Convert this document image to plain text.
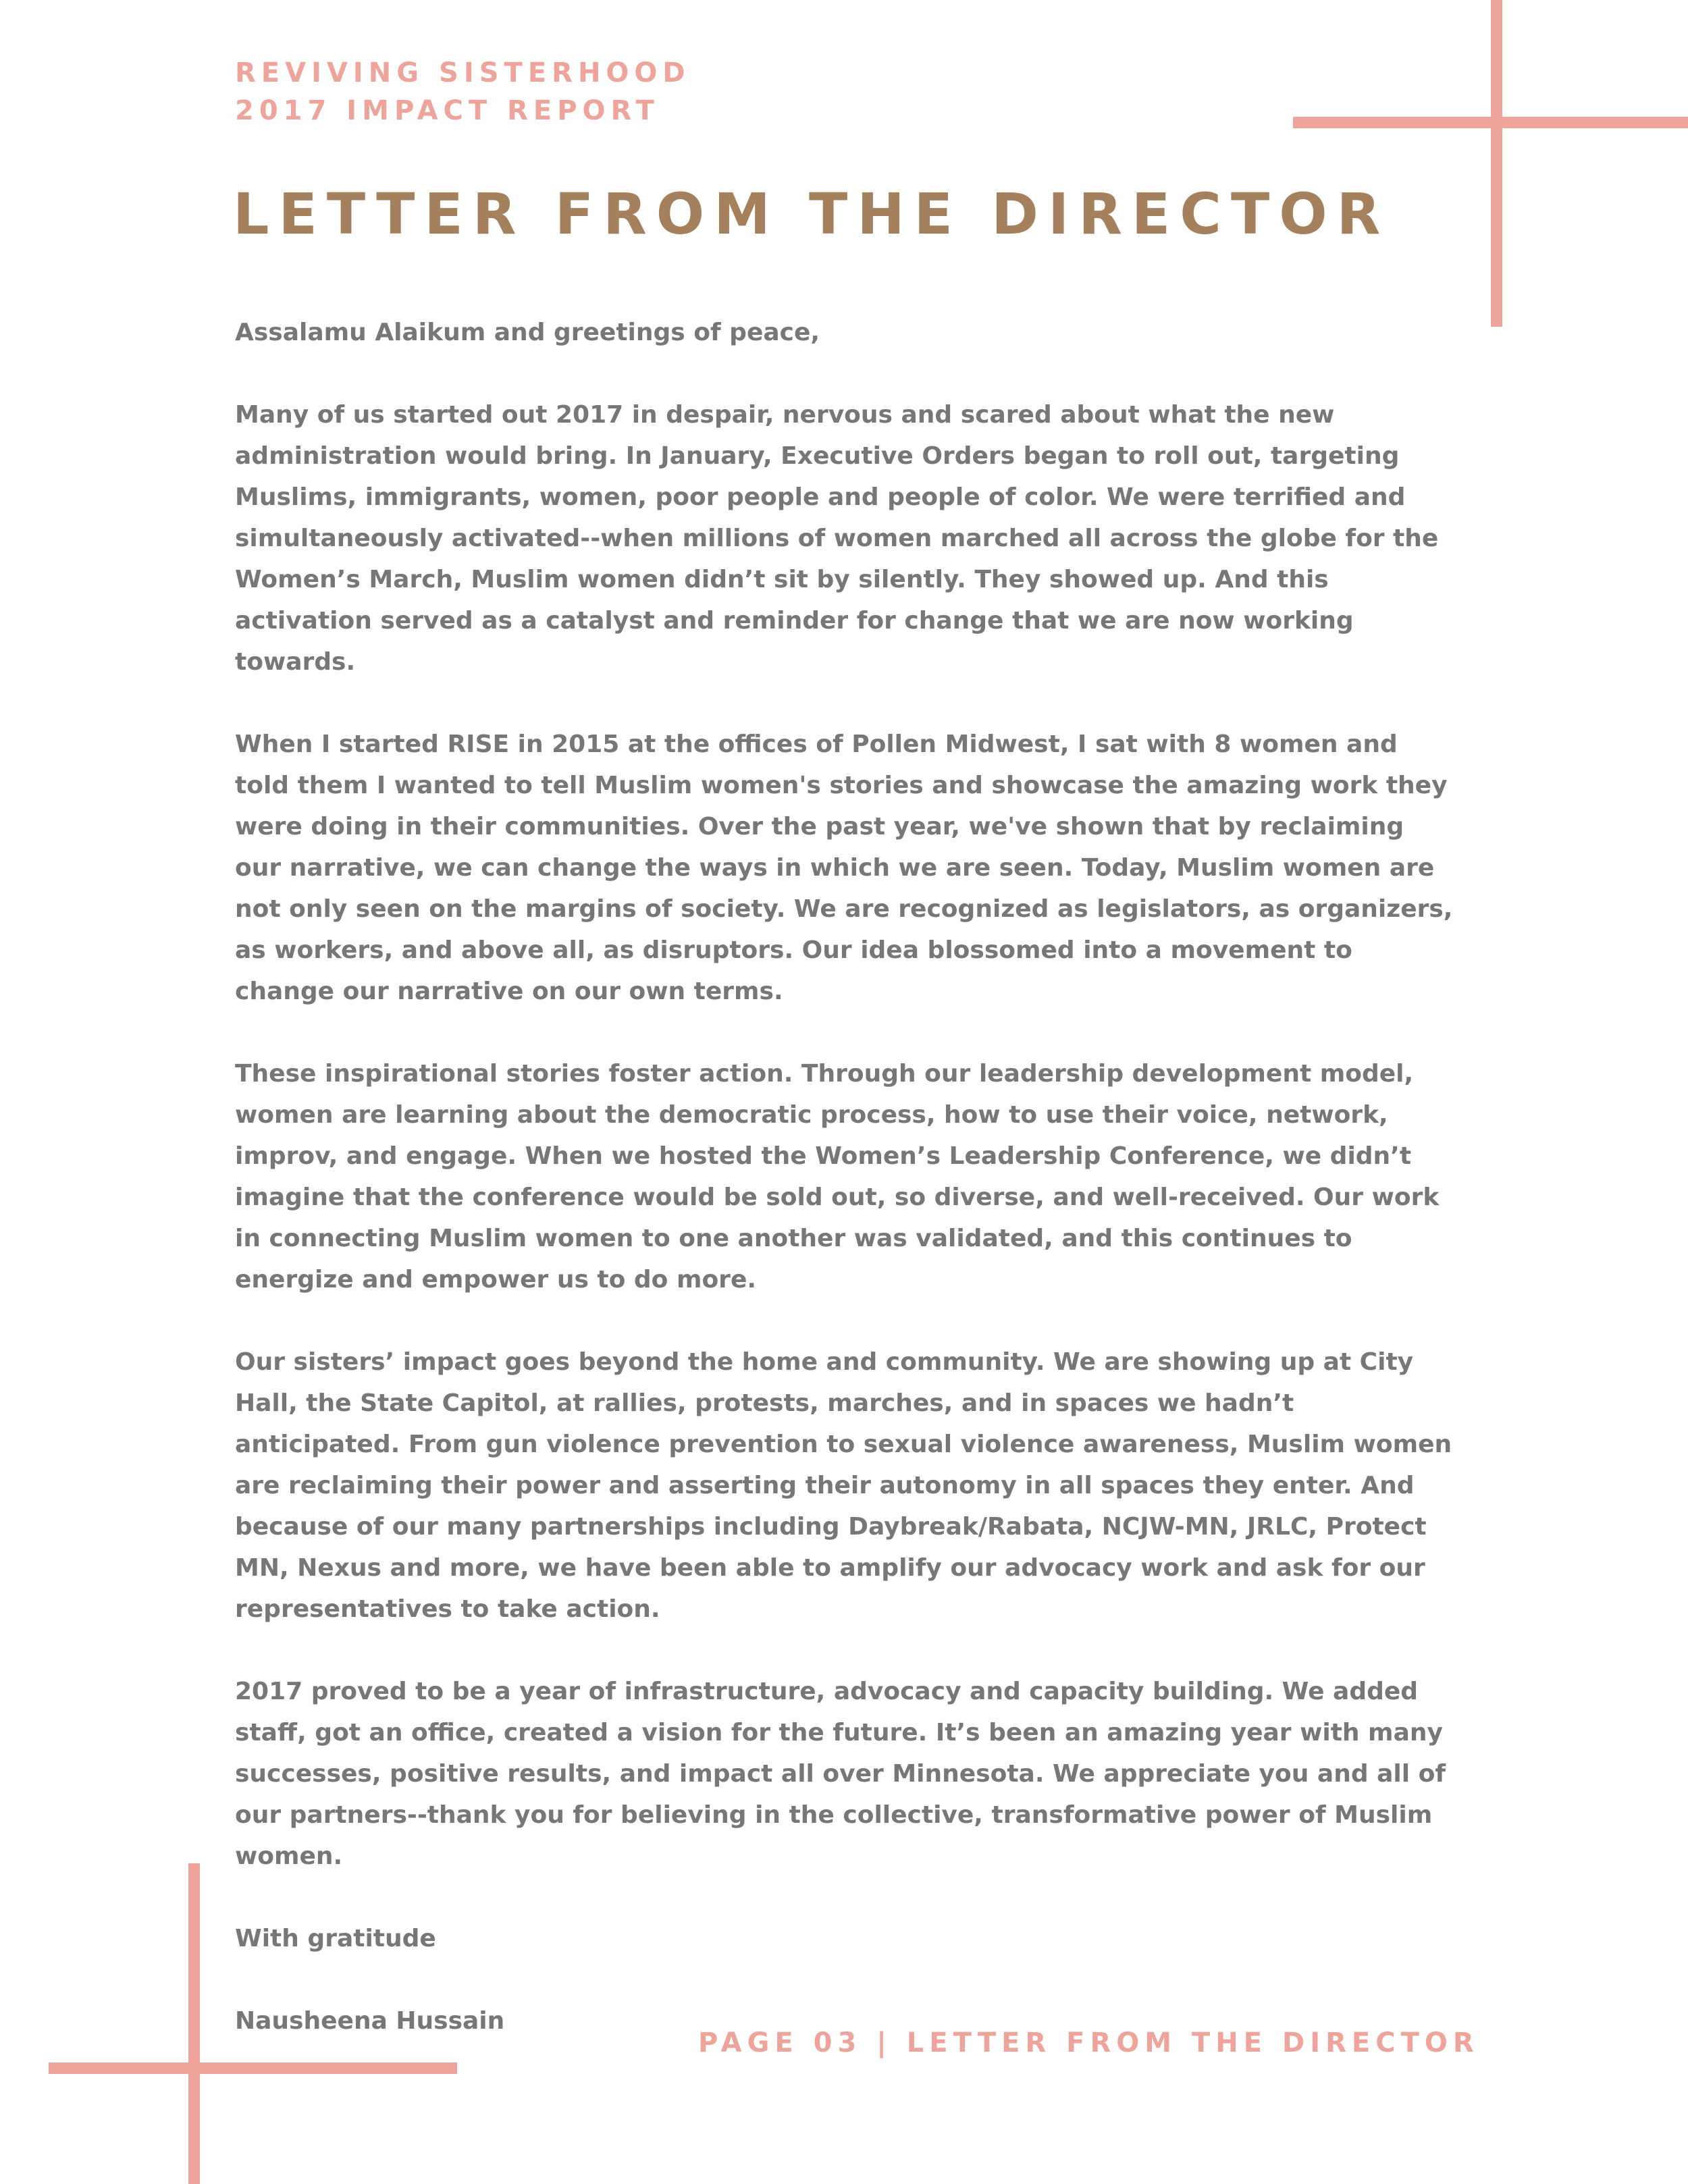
REVIVING SISTERHOOD
2017 IMPACT REPORT
LETTER FROM THE DIRECTOR

Assalamu Alaikum and greetings of peace,

Many of us started out 2017 in despair, nervous and scared about what the new administration would bring. In January, Executive Orders began to roll out, targeting Muslims, immigrants, women, poor people and people of color. We were terrified and simultaneously activated--when millions of women marched all across the globe for the Women’s March, Muslim women didn’t sit by silently. They showed up. And this activation served as a catalyst and reminder for change that we are now working towards.

When I started RISE in 2015 at the offices of Pollen Midwest, I sat with 8 women and told them I wanted to tell Muslim women's stories and showcase the amazing work they were doing in their communities. Over the past year, we've shown that by reclaiming our narrative, we can change the ways in which we are seen. Today, Muslim women are not only seen on the margins of society. We are recognized as legislators, as organizers, as workers, and above all, as disruptors. Our idea blossomed into a movement to change our narrative on our own terms.

These inspirational stories foster action. Through our leadership development model, women are learning about the democratic process, how to use their voice, network, improv, and engage. When we hosted the Women’s Leadership Conference, we didn’t imagine that the conference would be sold out, so diverse, and well-received. Our work in connecting Muslim women to one another was validated, and this continues to energize and empower us to do more.

Our sisters’ impact goes beyond the home and community. We are showing up at City Hall, the State Capitol, at rallies, protests, marches, and in spaces we hadn’t anticipated. From gun violence prevention to sexual violence awareness, Muslim women are reclaiming their power and asserting their autonomy in all spaces they enter. And because of our many partnerships including Daybreak/Rabata, NCJW-MN, JRLC, Protect MN, Nexus and more, we have been able to amplify our advocacy work and ask for our representatives to take action.

2017 proved to be a year of infrastructure, advocacy and capacity building. We added staff, got an office, created a vision for the future. It’s been an amazing year with many successes, positive results, and impact all over Minnesota. We appreciate you and all of our partners--thank you for believing in the collective, transformative power of Muslim women.

With gratitude

Nausheena Hussain

PAGE 03 | LETTER FROM THE DIRECTOR
